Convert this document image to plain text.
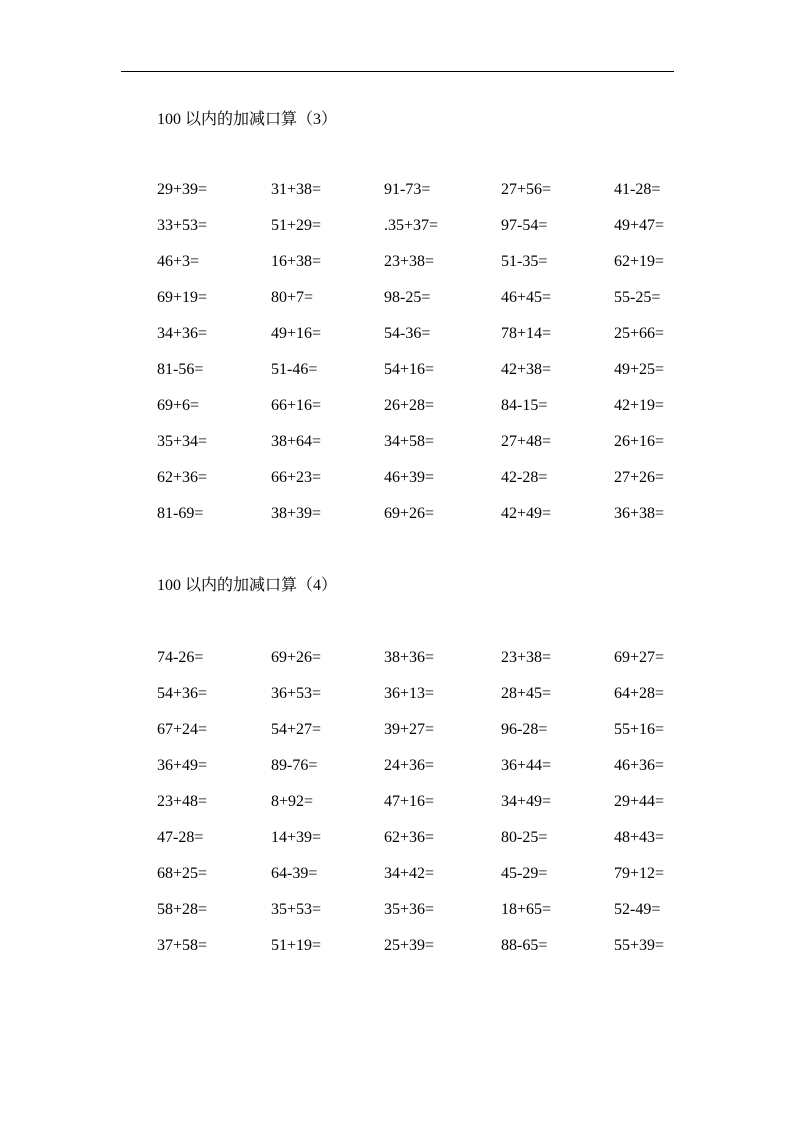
100 以内的加减口算（3）
29+39=	31+38=	91-73=	27+56=	41-28=
33+53=	51+29=	.35+37=	97-54=	49+47=
46+3=	16+38=	23+38=	51-35=	62+19=
69+19=	80+7=	98-25=	46+45=	55-25=
34+36=	49+16=	54-36=	78+14=	25+66=
81-56=	51-46=	54+16=	42+38=	49+25=
69+6=	66+16=	26+28=	84-15=	42+19=
35+34=	38+64=	34+58=	27+48=	26+16=
62+36=	66+23=	46+39=	42-28=	27+26=
81-69=	38+39=	69+26=	42+49=	36+38=
100 以内的加减口算（4）
74-26=	69+26=	38+36=	23+38=	69+27=
54+36=	36+53=	36+13=	28+45=	64+28=
67+24=	54+27=	39+27=	96-28=	55+16=
36+49=	89-76=	24+36=	36+44=	46+36=
23+48=	8+92=	47+16=	34+49=	29+44=
47-28=	14+39=	62+36=	80-25=	48+43=
68+25=	64-39=	34+42=	45-29=	79+12=
58+28=	35+53=	35+36=	18+65=	52-49=
37+58=	51+19=	25+39=	88-65=	55+39=
